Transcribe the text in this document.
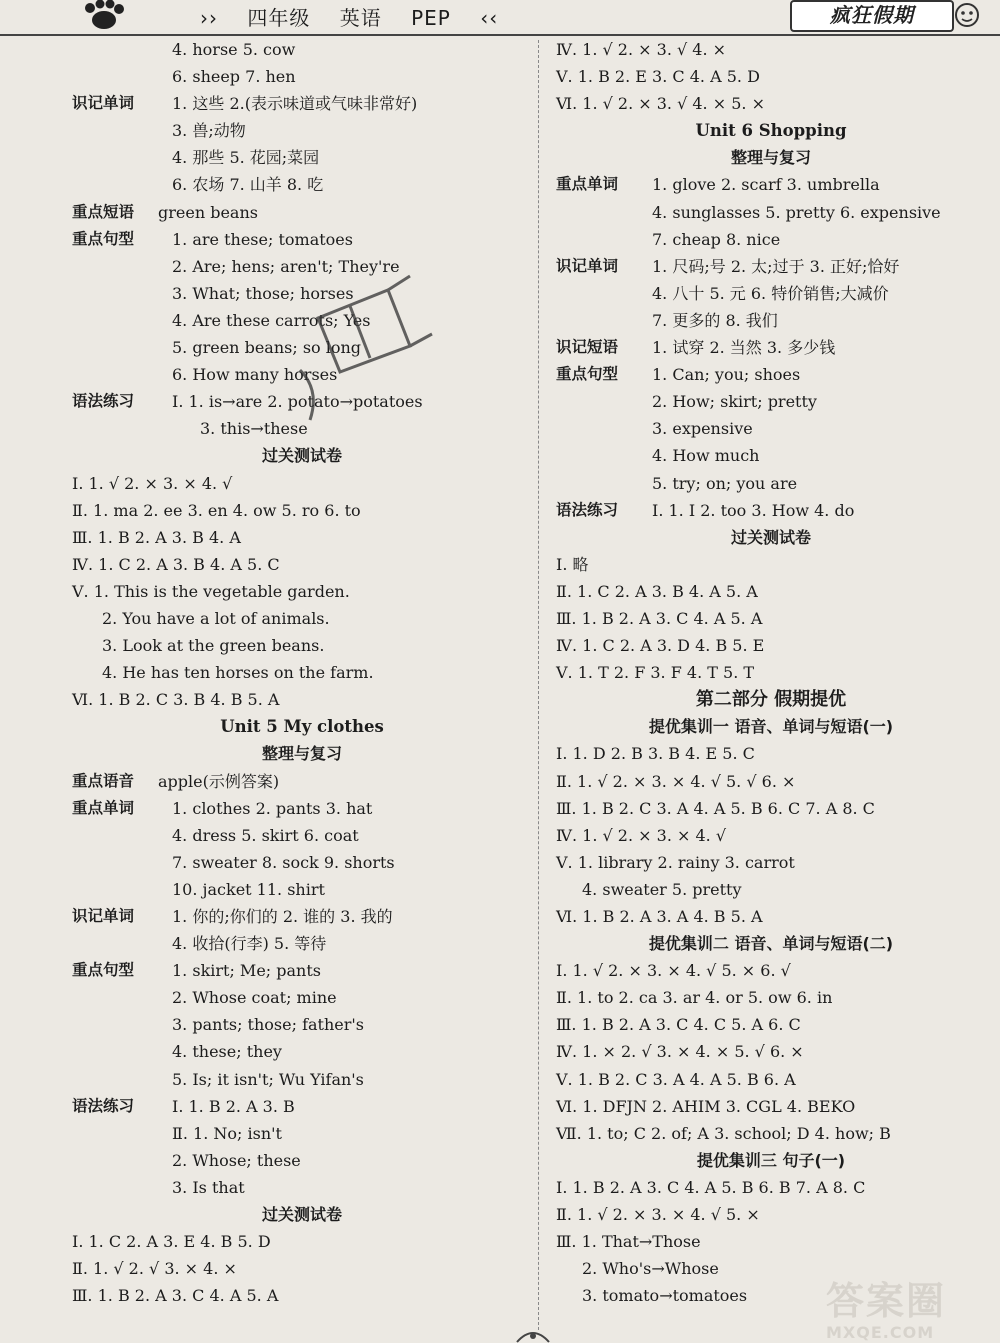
›› 四年级 英语 PEP ‹‹	疯狂假期
4. horse 5. cow
6. sheep 7. hen
识记单词 1. 这些 2.(表示味道或气味非常好)
3. 兽;动物
4. 那些 5. 花园;菜园
6. 农场 7. 山羊 8. 吃
重点短语 green beans
重点句型 1. are these; tomatoes
2. Are; hens; aren't; They're
3. What; those; horses
4. Are these carrots; Yes
5. green beans; so long
6. How many horses
语法练习 Ⅰ. 1. is→are 2. potato→potatoes
3. this→these
过关测试卷
Ⅰ. 1. √ 2. × 3. × 4. √
Ⅱ. 1. ma 2. ee 3. en 4. ow 5. ro 6. to
Ⅲ. 1. B 2. A 3. B 4. A
Ⅳ. 1. C 2. A 3. B 4. A 5. C
Ⅴ. 1. This is the vegetable garden.
2. You have a lot of animals.
3. Look at the green beans.
4. He has ten horses on the farm.
Ⅵ. 1. B 2. C 3. B 4. B 5. A
Unit 5 My clothes
整理与复习
重点语音 apple(示例答案)
重点单词 1. clothes 2. pants 3. hat
4. dress 5. skirt 6. coat
7. sweater 8. sock 9. shorts
10. jacket 11. shirt
识记单词 1. 你的;你们的 2. 谁的 3. 我的
4. 收拾(行李) 5. 等待
重点句型 1. skirt; Me; pants
2. Whose coat; mine
3. pants; those; father's
4. these; they
5. Is; it isn't; Wu Yifan's
语法练习 Ⅰ. 1. B 2. A 3. B
Ⅱ. 1. No; isn't
2. Whose; these
3. Is that
过关测试卷
Ⅰ. 1. C 2. A 3. E 4. B 5. D
Ⅱ. 1. √ 2. √ 3. × 4. ×
Ⅲ. 1. B 2. A 3. C 4. A 5. A
Ⅳ. 1. √ 2. × 3. √ 4. ×
Ⅴ. 1. B 2. E 3. C 4. A 5. D
Ⅵ. 1. √ 2. × 3. √ 4. × 5. ×
Unit 6 Shopping
整理与复习
重点单词 1. glove 2. scarf 3. umbrella
4. sunglasses 5. pretty 6. expensive
7. cheap 8. nice
识记单词 1. 尺码;号 2. 太;过于 3. 正好;恰好
4. 八十 5. 元 6. 特价销售;大减价
7. 更多的 8. 我们
识记短语 1. 试穿 2. 当然 3. 多少钱
重点句型 1. Can; you; shoes
2. How; skirt; pretty
3. expensive
4. How much
5. try; on; you are
语法练习 Ⅰ. 1. I 2. too 3. How 4. do
过关测试卷
Ⅰ. 略
Ⅱ. 1. C 2. A 3. B 4. A 5. A
Ⅲ. 1. B 2. A 3. C 4. A 5. A
Ⅳ. 1. C 2. A 3. D 4. B 5. E
Ⅴ. 1. T 2. F 3. F 4. T 5. T
第二部分 假期提优
提优集训一 语音、单词与短语(一)
Ⅰ. 1. D 2. B 3. B 4. E 5. C
Ⅱ. 1. √ 2. × 3. × 4. √ 5. √ 6. ×
Ⅲ. 1. B 2. C 3. A 4. A 5. B 6. C 7. A 8. C
Ⅳ. 1. √ 2. × 3. × 4. √
Ⅴ. 1. library 2. rainy 3. carrot
4. sweater 5. pretty
Ⅵ. 1. B 2. A 3. A 4. B 5. A
提优集训二 语音、单词与短语(二)
Ⅰ. 1. √ 2. × 3. × 4. √ 5. × 6. √
Ⅱ. 1. to 2. ca 3. ar 4. or 5. ow 6. in
Ⅲ. 1. B 2. A 3. C 4. C 5. A 6. C
Ⅳ. 1. × 2. √ 3. × 4. × 5. √ 6. ×
Ⅴ. 1. B 2. C 3. A 4. A 5. B 6. A
Ⅵ. 1. DFJN 2. AHIM 3. CGL 4. BEKO
Ⅶ. 1. to; C 2. of; A 3. school; D 4. how; B
提优集训三 句子(一)
Ⅰ. 1. B 2. A 3. C 4. A 5. B 6. B 7. A 8. C
Ⅱ. 1. √ 2. × 3. × 4. √ 5. ×
Ⅲ. 1. That→Those
2. Who's→Whose
3. tomato→tomatoes 答案圈
MXQE.COM
